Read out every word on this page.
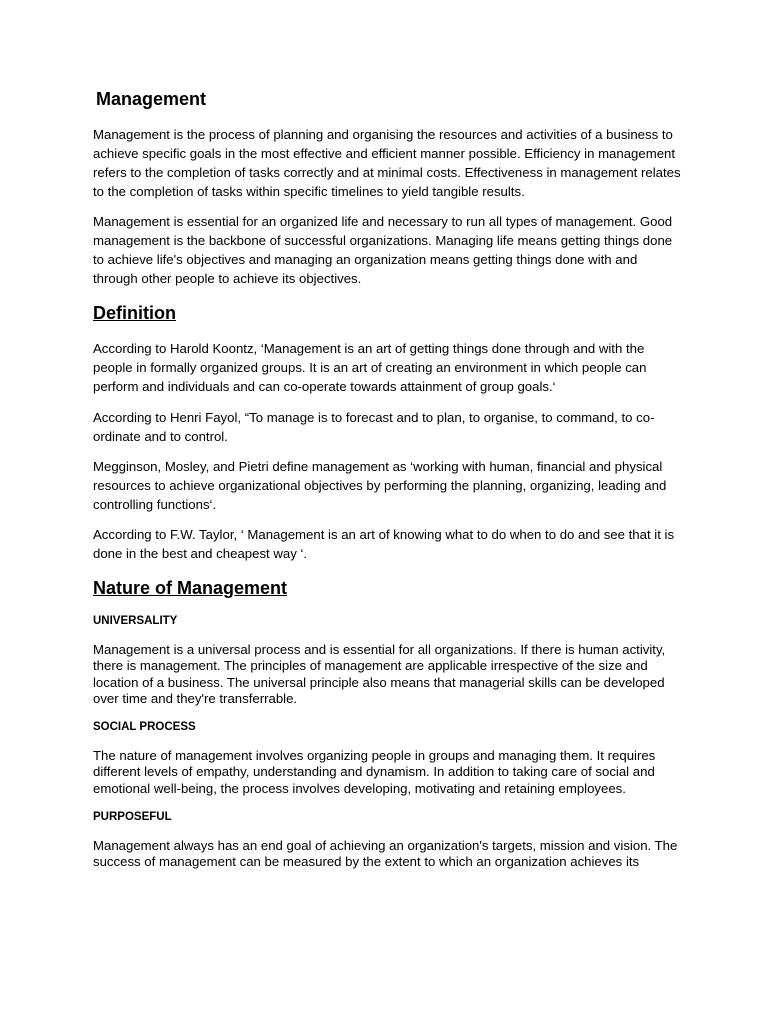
Management

Management is the process of planning and organising the resources and activities of a business to achieve specific goals in the most effective and efficient manner possible. Efficiency in management refers to the completion of tasks correctly and at minimal costs. Effectiveness in management relates to the completion of tasks within specific timelines to yield tangible results.

Management is essential for an organized life and necessary to run all types of management. Good management is the backbone of successful organizations. Managing life means getting things done to achieve life's objectives and managing an organization means getting things done with and through other people to achieve its objectives.

Definition

According to Harold Koontz, ‘Management is an art of getting things done through and with the people in formally organized groups. It is an art of creating an environment in which people can perform and individuals and can co-operate towards attainment of group goals.‘

According to Henri Fayol, “To manage is to forecast and to plan, to organise, to command, to co-ordinate and to control.

Megginson, Mosley, and Pietri define management as ‘working with human, financial and physical resources to achieve organizational objectives by performing the planning, organizing, leading and controlling functions‘.

According to F.W. Taylor, ‘ Management is an art of knowing what to do when to do and see that it is done in the best and cheapest way ‘.

Nature of Management
UNIVERSALITY

Management is a universal process and is essential for all organizations. If there is human activity, there is management. The principles of management are applicable irrespective of the size and location of a business. The universal principle also means that managerial skills can be developed over time and they're transferrable.

SOCIAL PROCESS

The nature of management involves organizing people in groups and managing them. It requires different levels of empathy, understanding and dynamism. In addition to taking care of social and emotional well-being, the process involves developing, motivating and retaining employees.

PURPOSEFUL

Management always has an end goal of achieving an organization's targets, mission and vision. The success of management can be measured by the extent to which an organization achieves its
